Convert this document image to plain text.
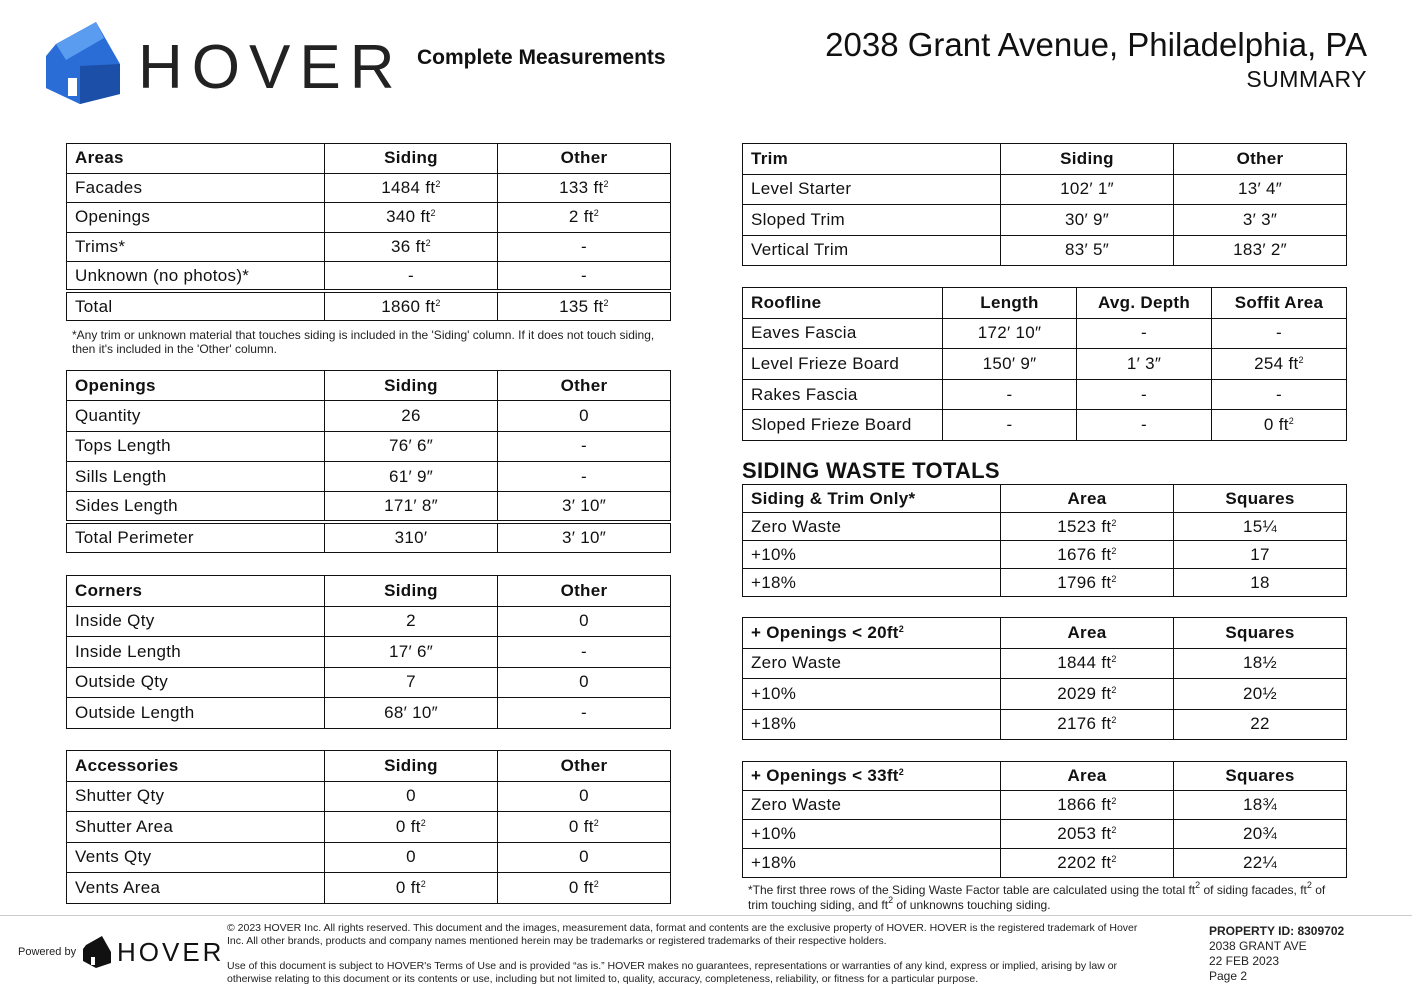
HOVER Complete Measurements	2038 Grant Avenue, Philadelphia, PA
SUMMARY
Areas	Siding	Other
Facades	1484 $ft^2$	133 $ft^2$
Openings	340 $ft^2$	2 $ft^2$
Trims*	36 $ft^2$	-
Unknown (no photos)*	-	-
Total	1860 $ft^2$	135 $ft^2$
*Any trim or unknown material that touches siding is included in the 'Siding' column. If it does not touch siding, then it's included in the 'Other' column.
Openings	Siding	Other
Quantity	26	0
Tops Length	76′ 6″	-
Sills Length	61′ 9″	-
Sides Length	171′ 8″	3′ 10″
Total Perimeter	310′	3′ 10″
Corners	Siding	Other
Inside Qty	2	0
Inside Length	17′ 6″	-
Outside Qty	7	0
Outside Length	68′ 10″	-
Accessories	Siding	Other
Shutter Qty	0	0
Shutter Area	0 $ft^2$	0 $ft^2$
Vents Qty	0	0
Vents Area	0 $ft^2$	0 $ft^2$
Trim	Siding	Other
Level Starter	102′ 1″	13′ 4″
Sloped Trim	30′ 9″	3′ 3″
Vertical Trim	83′ 5″	183′ 2″
Roofline	Length	Avg. Depth	Soffit Area
Eaves Fascia	172′ 10″	-	-
Level Frieze Board	150′ 9″	1′ 3″	254 $ft^2$
Rakes Fascia	-	-	-
Sloped Frieze Board	-	-	0 $ft^2$
SIDING WASTE TOTALS
Siding & Trim Only*	Area	Squares
Zero Waste	1523 $ft^2$	15¼
+10%	1676 $ft^2$	17
+18%	1796 $ft^2$	18
+ Openings < $20ft^2$	Area	Squares
Zero Waste	1844 $ft^2$	18½
+10%	2029 $ft^2$	20½
+18%	2176 $ft^2$	22
+ Openings < $33ft^2$	Area	Squares
Zero Waste	1866 $ft^2$	18¾
+10%	2053 $ft^2$	20¾
+18%	2202 $ft^2$	22¼
*The first three rows of the Siding Waste Factor table are calculated using the total $ft^2$ of siding facades, $ft^2$ of trim touching siding, and $ft^2$ of unknowns touching siding.
Powered by HOVER
© 2023 HOVER Inc. All rights reserved. This document and the images, measurement data, format and contents are the exclusive property of HOVER. HOVER is the registered trademark of Hover Inc. All other brands, products and company names mentioned herein may be trademarks or registered trademarks of their respective holders.
Use of this document is subject to HOVER's Terms of Use and is provided “as is.” HOVER makes no guarantees, representations or warranties of any kind, express or implied, arising by law or otherwise relating to this document or its contents or use, including but not limited to, quality, accuracy, completeness, reliability, or fitness for a particular purpose.
PROPERTY ID: 8309702
2038 GRANT AVE
22 FEB 2023
Page 2
